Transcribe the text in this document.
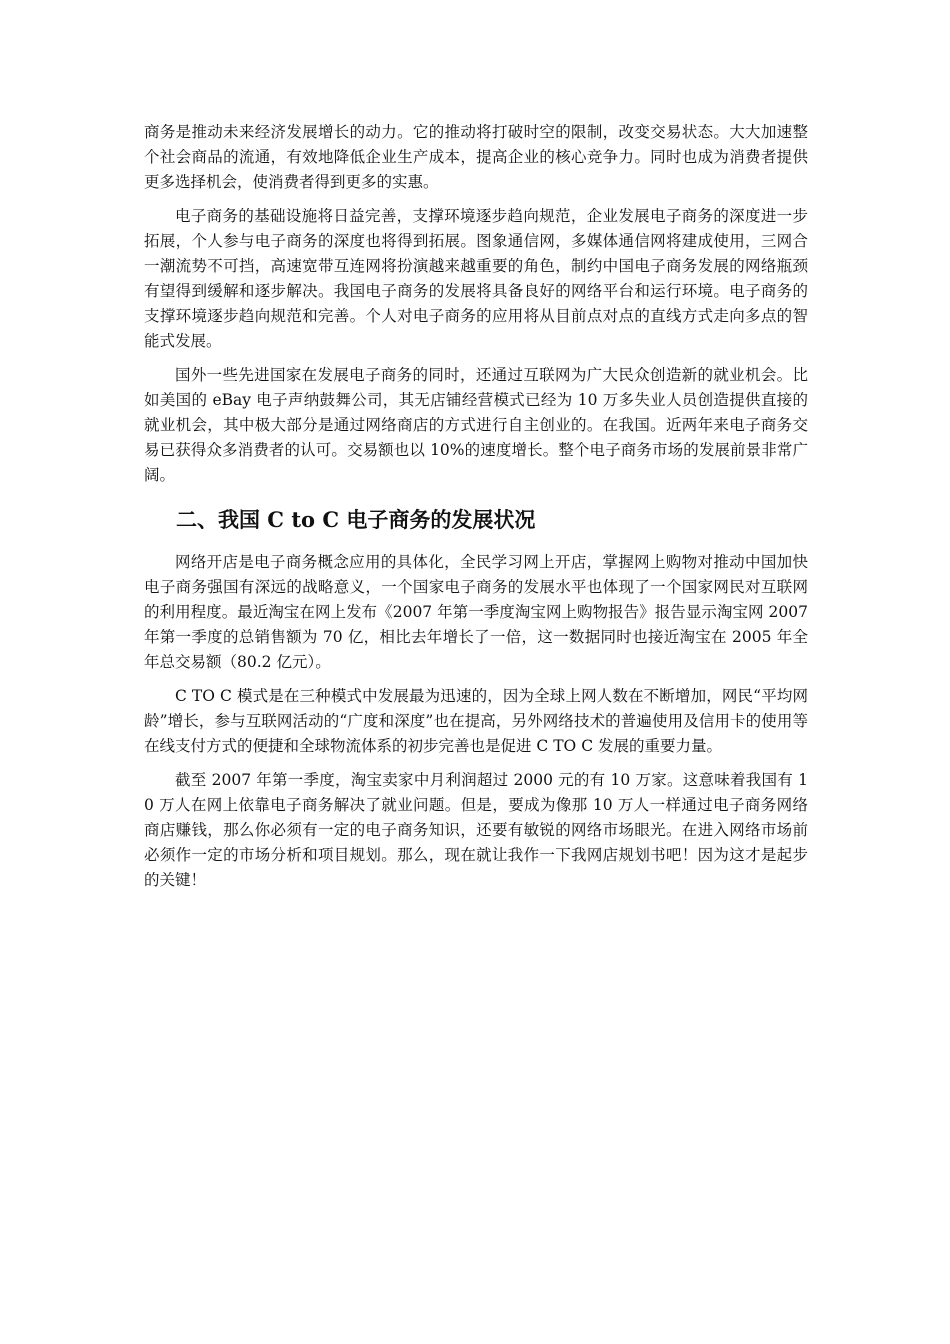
商务是推动未来经济发展增长的动力。它的推动将打破时空的限制，改变交易状态。大大加速整个社会商品的流通，有效地降低企业生产成本，提高企业的核心竞争力。同时也成为消费者提供更多选择机会，使消费者得到更多的实惠。

电子商务的基础设施将日益完善，支撑环境逐步趋向规范，企业发展电子商务的深度进一步拓展，个人参与电子商务的深度也将得到拓展。图象通信网，多媒体通信网将建成使用，三网合一潮流势不可挡，高速宽带互连网将扮演越来越重要的角色，制约中国电子商务发展的网络瓶颈有望得到缓解和逐步解决。我国电子商务的发展将具备良好的网络平台和运行环境。电子商务的支撑环境逐步趋向规范和完善。个人对电子商务的应用将从目前点对点的直线方式走向多点的智能式发展。

国外一些先进国家在发展电子商务的同时，还通过互联网为广大民众创造新的就业机会。比如美国的 eBay 电子声纳鼓舞公司，其无店铺经营模式已经为 10 万多失业人员创造提供直接的就业机会，其中极大部分是通过网络商店的方式进行自主创业的。在我国。近两年来电子商务交易已获得众多消费者的认可。交易额也以 10%的速度增长。整个电子商务市场的发展前景非常广阔。

二、我国 C to C 电子商务的发展状况

网络开店是电子商务概念应用的具体化，全民学习网上开店，掌握网上购物对推动中国加快电子商务强国有深远的战略意义，一个国家电子商务的发展水平也体现了一个国家网民对互联网的利用程度。最近淘宝在网上发布《2007 年第一季度淘宝网上购物报告》报告显示淘宝网 2007 年第一季度的总销售额为 70 亿，相比去年增长了一倍，这一数据同时也接近淘宝在 2005 年全年总交易额（80.2 亿元）。

C TO C 模式是在三种模式中发展最为迅速的，因为全球上网人数在不断增加，网民“平均网龄”增长，参与互联网活动的“广度和深度”也在提高，另外网络技术的普遍使用及信用卡的使用等在线支付方式的便捷和全球物流体系的初步完善也是促进 C TO C 发展的重要力量。

截至 2007 年第一季度，淘宝卖家中月利润超过 2000 元的有 10 万家。这意味着我国有 10 万人在网上依靠电子商务解决了就业问题。但是，要成为像那 10 万人一样通过电子商务网络商店赚钱，那么你必须有一定的电子商务知识，还要有敏锐的网络市场眼光。在进入网络市场前必须作一定的市场分析和项目规划。那么，现在就让我作一下我网店规划书吧！因为这才是起步的关键！
